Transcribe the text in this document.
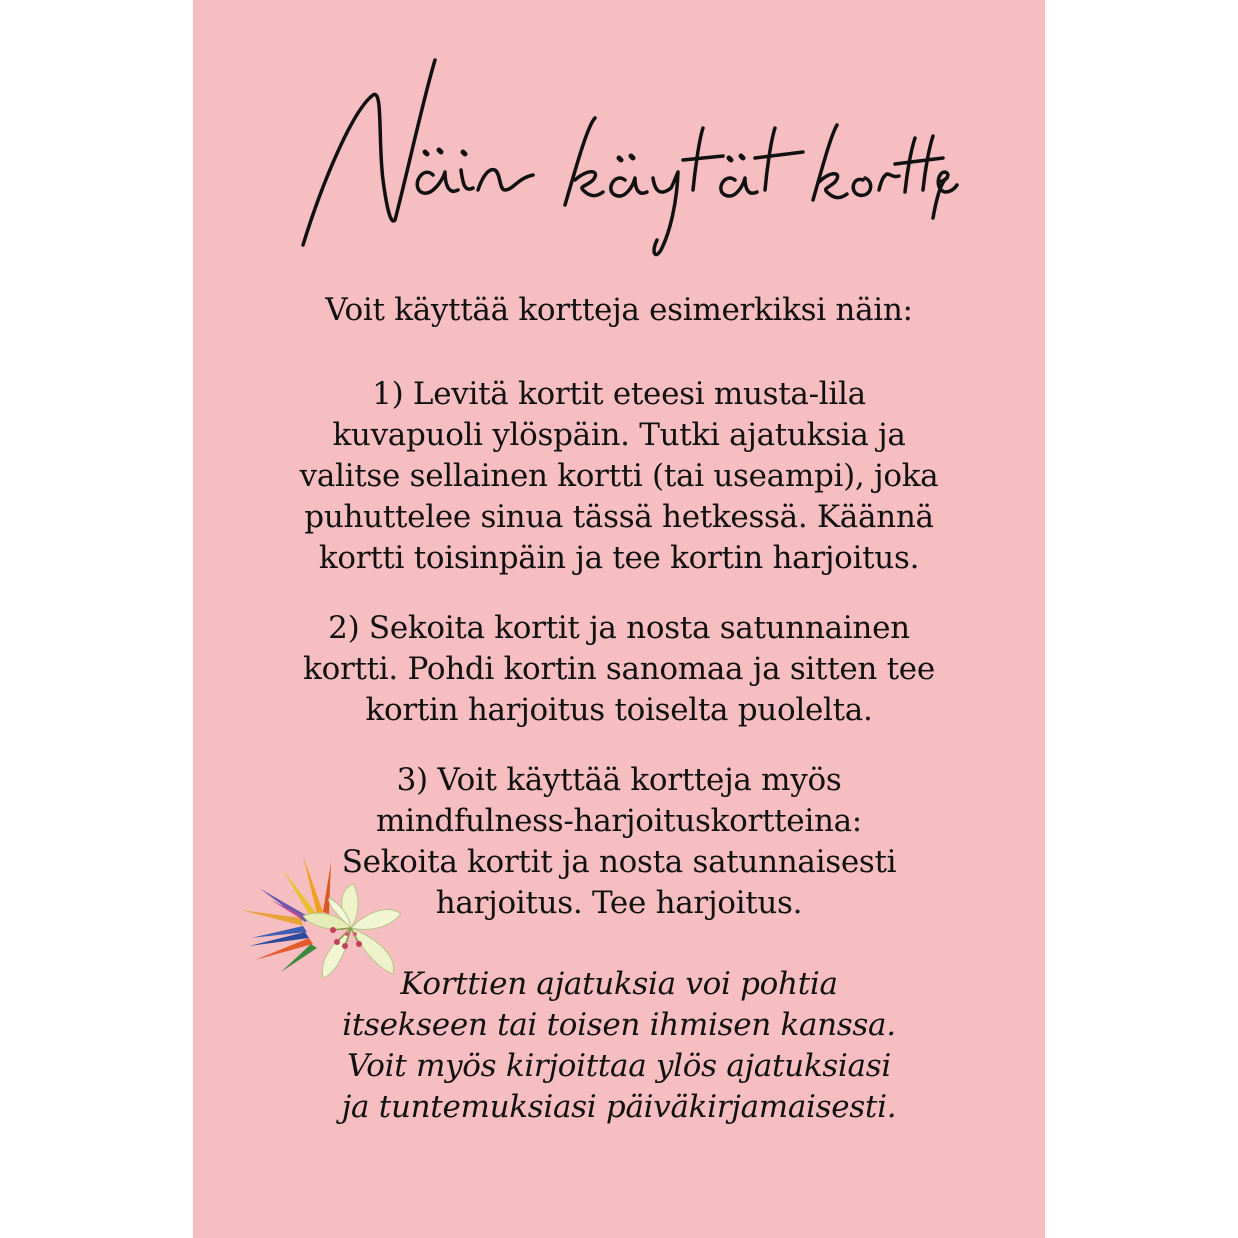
Voit käyttää kortteja esimerkiksi näin:
1) Levitä kortit eteesi musta-lila
kuvapuoli ylöspäin. Tutki ajatuksia ja
valitse sellainen kortti (tai useampi), joka
puhuttelee sinua tässä hetkessä. Käännä
kortti toisinpäin ja tee kortin harjoitus.
2) Sekoita kortit ja nosta satunnainen
kortti. Pohdi kortin sanomaa ja sitten tee
kortin harjoitus toiselta puolelta.
3) Voit käyttää kortteja myös
mindfulness-harjoituskortteina:
Sekoita kortit ja nosta satunnaisesti
harjoitus. Tee harjoitus.
Korttien ajatuksia voi pohtia
itsekseen tai toisen ihmisen kanssa.
Voit myös kirjoittaa ylös ajatuksiasi
ja tuntemuksiasi päiväkirjamaisesti.
